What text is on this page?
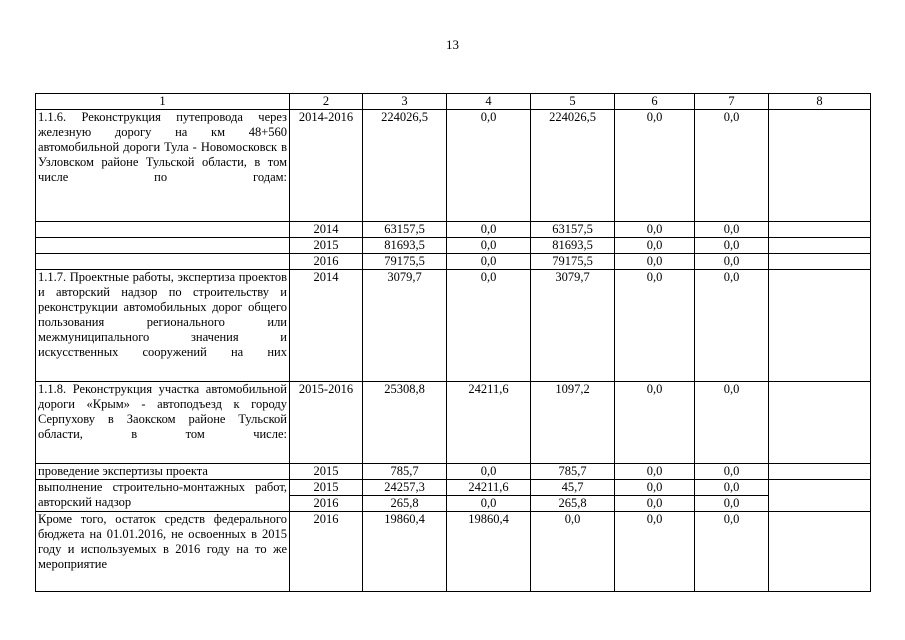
13
1	2	3	4	5	6	7	8
1.1.6. Реконструкция путепровода через железную дорогу на км 48+560 автомобильной дороги Тула - Новомосковск в Узловском районе Тульской области, в том числе по годам:	2014-2016	224026,5	0,0	224026,5	0,0	0,0	
	2014	63157,5	0,0	63157,5	0,0	0,0	
	2015	81693,5	0,0	81693,5	0,0	0,0	
	2016	79175,5	0,0	79175,5	0,0	0,0	
1.1.7. Проектные работы, экспертиза проектов и авторский надзор по строительству и реконструкции автомобильных дорог общего пользования регионального или межмуниципального значения и искусственных сооружений на них	2014	3079,7	0,0	3079,7	0,0	0,0	
1.1.8. Реконструкция участка автомобильной дороги «Крым» - автоподъезд к городу Серпухову в Заокском районе Тульской области, в том числе:	2015-2016	25308,8	24211,6	1097,2	0,0	0,0	
проведение экспертизы проекта	2015	785,7	0,0	785,7	0,0	0,0	
выполнение строительно-монтажных работ, авторский надзор	2015	24257,3	24211,6	45,7	0,0	0,0	
	2016	265,8	0,0	265,8	0,0	0,0	
Кроме того, остаток средств федерального бюджета на 01.01.2016, не освоенных в 2015 году и используемых в 2016 году на то же мероприятие	2016	19860,4	19860,4	0,0	0,0	0,0	
